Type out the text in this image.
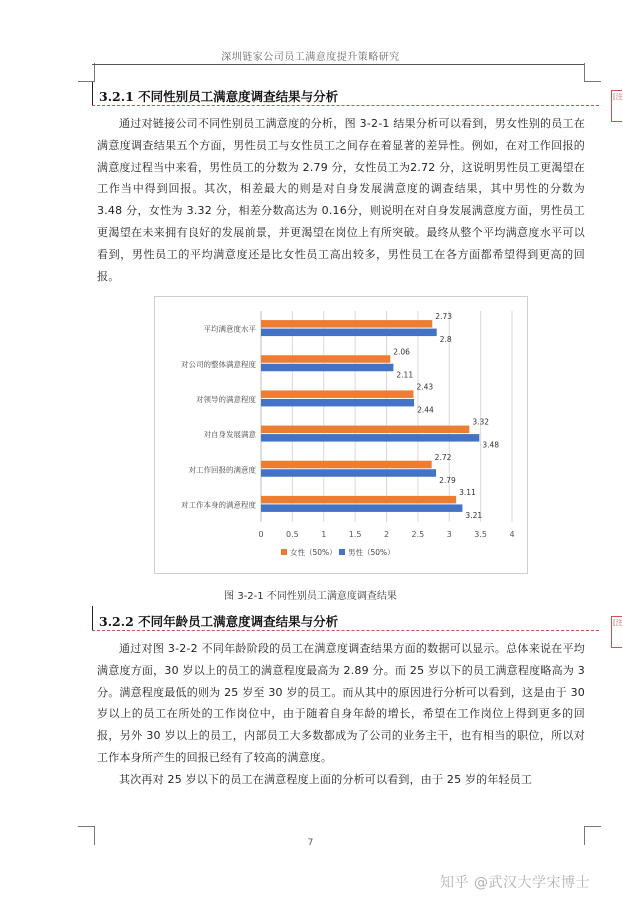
深圳链家公司员工满意度提升策略研究
3.2.1 不同性别员工满意度调查结果与分析	[注

通过对链接公司不同性别员工满意度的分析，图 3-2-1 结果分析可以看到，男女性别的员工在满意度调查结果五个方面，男性员工与女性员工之间存在着显著的差异性。例如，在对工作回报的满意度过程当中来看，男性员工的分数为 2.79 分，女性员工为2.72 分，这说明男性员工更渴望在工作当中得到回报。其次，相差最大的则是对自身发展满意度的调查结果，其中男性的分数为 3.48 分，女性为 3.32 分，相差分数高达为 0.16分，则说明在对自身发展满意度方面，男性员工更渴望在未来拥有良好的发展前景，并更渴望在岗位上有所突破。最终从整个平均满意度水平可以看到，男性员工的平均满意度还是比女性员工高出较多，男性员工在各方面都希望得到更高的回报。

0	0.5	1	1.5	2	2.5	3	3.5	4
平均满意度水平
2.73
2.8
对公司的整体满意程度
2.06
2.11
对领导的满意程度
2.43
2.44
对自身发展满意
3.32
3.48
对工作回报的满意度
2.72
2.79
对工作本身的满意程度
3.11
3.21
女性（50%） 男性（50%）
图 3-2-1 不同性别员工满意度调查结果
3.2.2 不同年龄员工满意度调查结果与分析	[注

通过对图 3-2-2 不同年龄阶段的员工在满意度调查结果方面的数据可以显示。总体来说在平均满意度方面，30 岁以上的员工的满意程度最高为 2.89 分。而 25 岁以下的员工满意程度略高为 3 分。满意程度最低的则为 25 岁至 30 岁的员工。而从其中的原因进行分析可以看到，这是由于 30 岁以上的员工在所处的工作岗位中，由于随着自身年龄的增长，希望在工作岗位上得到更多的回报，另外 30 岁以上的员工，内部员工大多数都成为了公司的业务主干，也有相当的职位，所以对工作本身所产生的回报已经有了较高的满意度。

其次再对 25 岁以下的员工在满意程度上面的分析可以看到，由于 25 岁的年轻员工

7
知乎 @武汉大学宋博士
